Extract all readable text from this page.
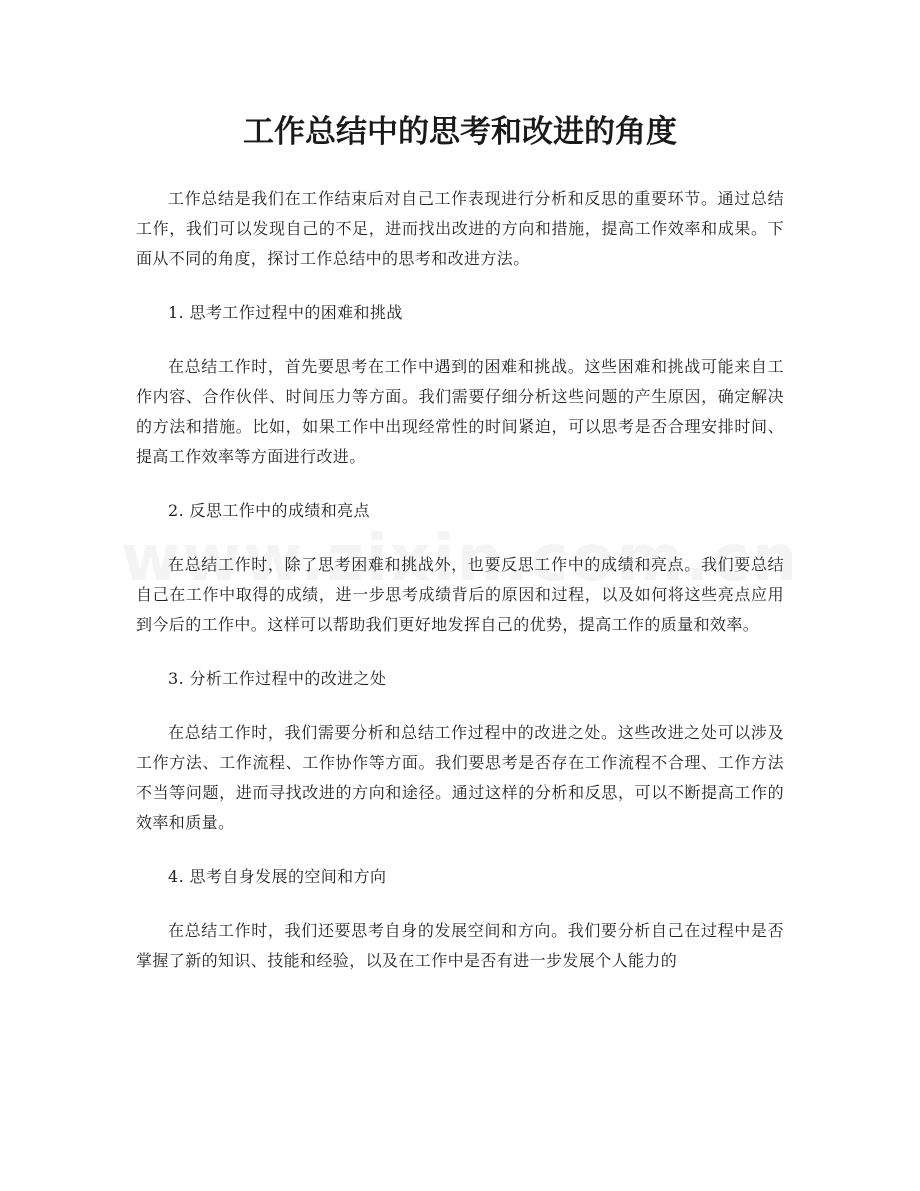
工作总结中的思考和改进的角度

工作总结是我们在工作结束后对自己工作表现进行分析和反思的重要环节。通过总结工作，我们可以发现自己的不足，进而找出改进的方向和措施，提高工作效率和成果。下面从不同的角度，探讨工作总结中的思考和改进方法。

1. 思考工作过程中的困难和挑战

在总结工作时，首先要思考在工作中遇到的困难和挑战。这些困难和挑战可能来自工作内容、合作伙伴、时间压力等方面。我们需要仔细分析这些问题的产生原因，确定解决的方法和措施。比如，如果工作中出现经常性的时间紧迫，可以思考是否合理安排时间、提高工作效率等方面进行改进。

2. 反思工作中的成绩和亮点

在总结工作时，除了思考困难和挑战外，也要反思工作中的成绩和亮点。我们要总结自己在工作中取得的成绩，进一步思考成绩背后的原因和过程，以及如何将这些亮点应用到今后的工作中。这样可以帮助我们更好地发挥自己的优势，提高工作的质量和效率。

3. 分析工作过程中的改进之处

在总结工作时，我们需要分析和总结工作过程中的改进之处。这些改进之处可以涉及工作方法、工作流程、工作协作等方面。我们要思考是否存在工作流程不合理、工作方法不当等问题，进而寻找改进的方向和途径。通过这样的分析和反思，可以不断提高工作的效率和质量。

4. 思考自身发展的空间和方向

在总结工作时，我们还要思考自身的发展空间和方向。我们要分析自己在过程中是否掌握了新的知识、技能和经验，以及在工作中是否有进一步发展个人能力的
